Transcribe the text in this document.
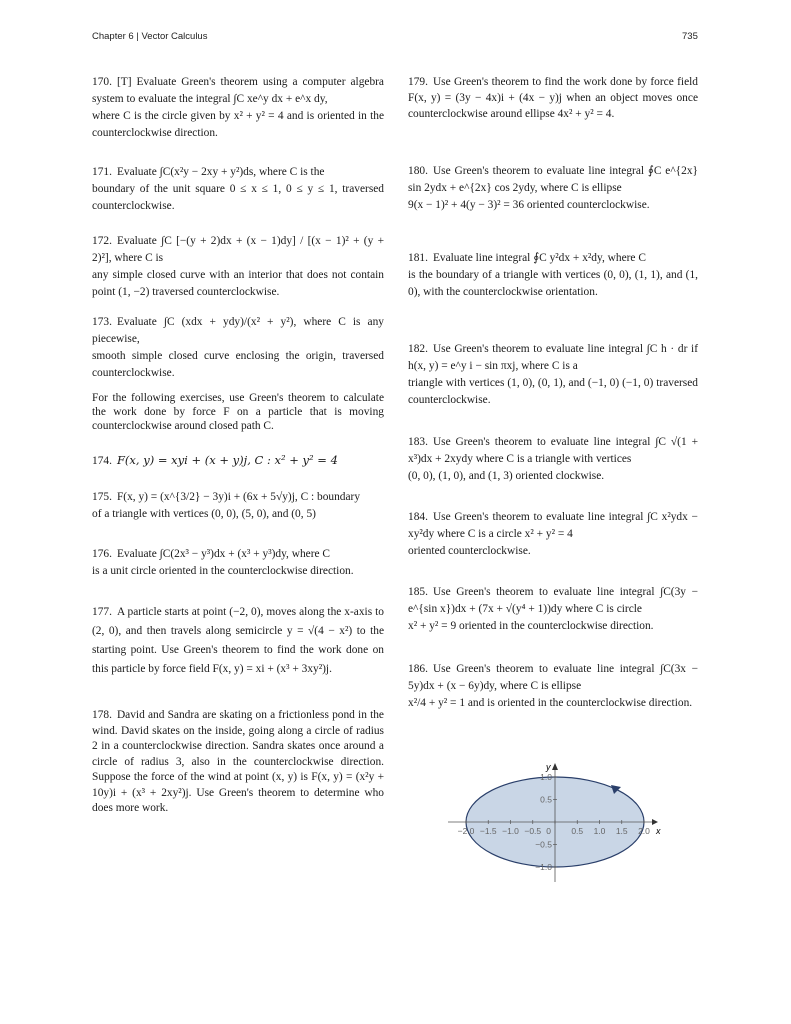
Chapter 6 | Vector Calculus	735

170. [T] Evaluate Green's theorem using a computer algebra system to evaluate the integral ∫C xe^y dx + e^x dy,

where C is the circle given by x² + y² = 4 and is oriented in the counterclockwise direction.

171. Evaluate ∫C(x²y − 2xy + y²)ds, where C is the

boundary of the unit square 0 ≤ x ≤ 1, 0 ≤ y ≤ 1, traversed counterclockwise.

172. Evaluate ∫C [−(y + 2)dx + (x − 1)dy] / [(x − 1)² + (y + 2)²], where C is

any simple closed curve with an interior that does not contain point (1, −2) traversed counterclockwise.

173. Evaluate ∫C (xdx + ydy)/(x² + y²), where C is any piecewise,

smooth simple closed curve enclosing the origin, traversed counterclockwise.

For the following exercises, use Green's theorem to calculate the work done by force F on a particle that is moving counterclockwise around closed path C.

174. F(x, y) = xyi + (x + y)j, C : x² + y² = 4

175. F(x, y) = (x^{3/2} − 3y)i + (6x + 5√y)j, C : boundary

of a triangle with vertices (0, 0), (5, 0), and (0, 5)

176. Evaluate ∫C(2x³ − y³)dx + (x³ + y³)dy, where C

is a unit circle oriented in the counterclockwise direction.

177. A particle starts at point (−2, 0), moves along the x-axis to (2, 0), and then travels along semicircle y = √(4 − x²) to the starting point. Use Green's theorem to find the work done on this particle by force field F(x, y) = xi + (x³ + 3xy²)j.

178. David and Sandra are skating on a frictionless pond in the wind. David skates on the inside, going along a circle of radius 2 in a counterclockwise direction. Sandra skates once around a circle of radius 3, also in the counterclockwise direction. Suppose the force of the wind at point (x, y) is F(x, y) = (x²y + 10y)i + (x³ + 2xy²)j. Use Green's theorem to determine who does more work.

179. Use Green's theorem to find the work done by force field F(x, y) = (3y − 4x)i + (4x − y)j when an object moves once counterclockwise around ellipse 4x² + y² = 4.

180. Use Green's theorem to evaluate line integral ∮C e^{2x} sin 2ydx + e^{2x} cos 2ydy, where C is ellipse

9(x − 1)² + 4(y − 3)² = 36 oriented counterclockwise.

181. Evaluate line integral ∮C y²dx + x²dy, where C

is the boundary of a triangle with vertices (0, 0), (1, 1), and (1, 0), with the counterclockwise orientation.

182. Use Green's theorem to evaluate line integral ∫C h · dr if h(x, y) = e^y i − sin πxj, where C is a

triangle with vertices (1, 0), (0, 1), and (−1, 0) (−1, 0) traversed counterclockwise.

183. Use Green's theorem to evaluate line integral ∫C √(1 + x³)dx + 2xydy where C is a triangle with vertices

(0, 0), (1, 0), and (1, 3) oriented clockwise.

184. Use Green's theorem to evaluate line integral ∫C x²ydx − xy²dy where C is a circle x² + y² = 4

oriented counterclockwise.

185. Use Green's theorem to evaluate line integral ∫C(3y − e^{sin x})dx + (7x + √(y⁴ + 1))dy where C is circle

x² + y² = 9 oriented in the counterclockwise direction.

186. Use Green's theorem to evaluate line integral ∫C(3x − 5y)dx + (x − 6y)dy, where C is ellipse

x²/4 + y² = 1 and is oriented in the counterclockwise direction.

x
y
−2.0 −1.5 −1.0 −0.5 0 0.5 1.0 1.5 2.0
1.0
0.5
−0.5
−1.0
